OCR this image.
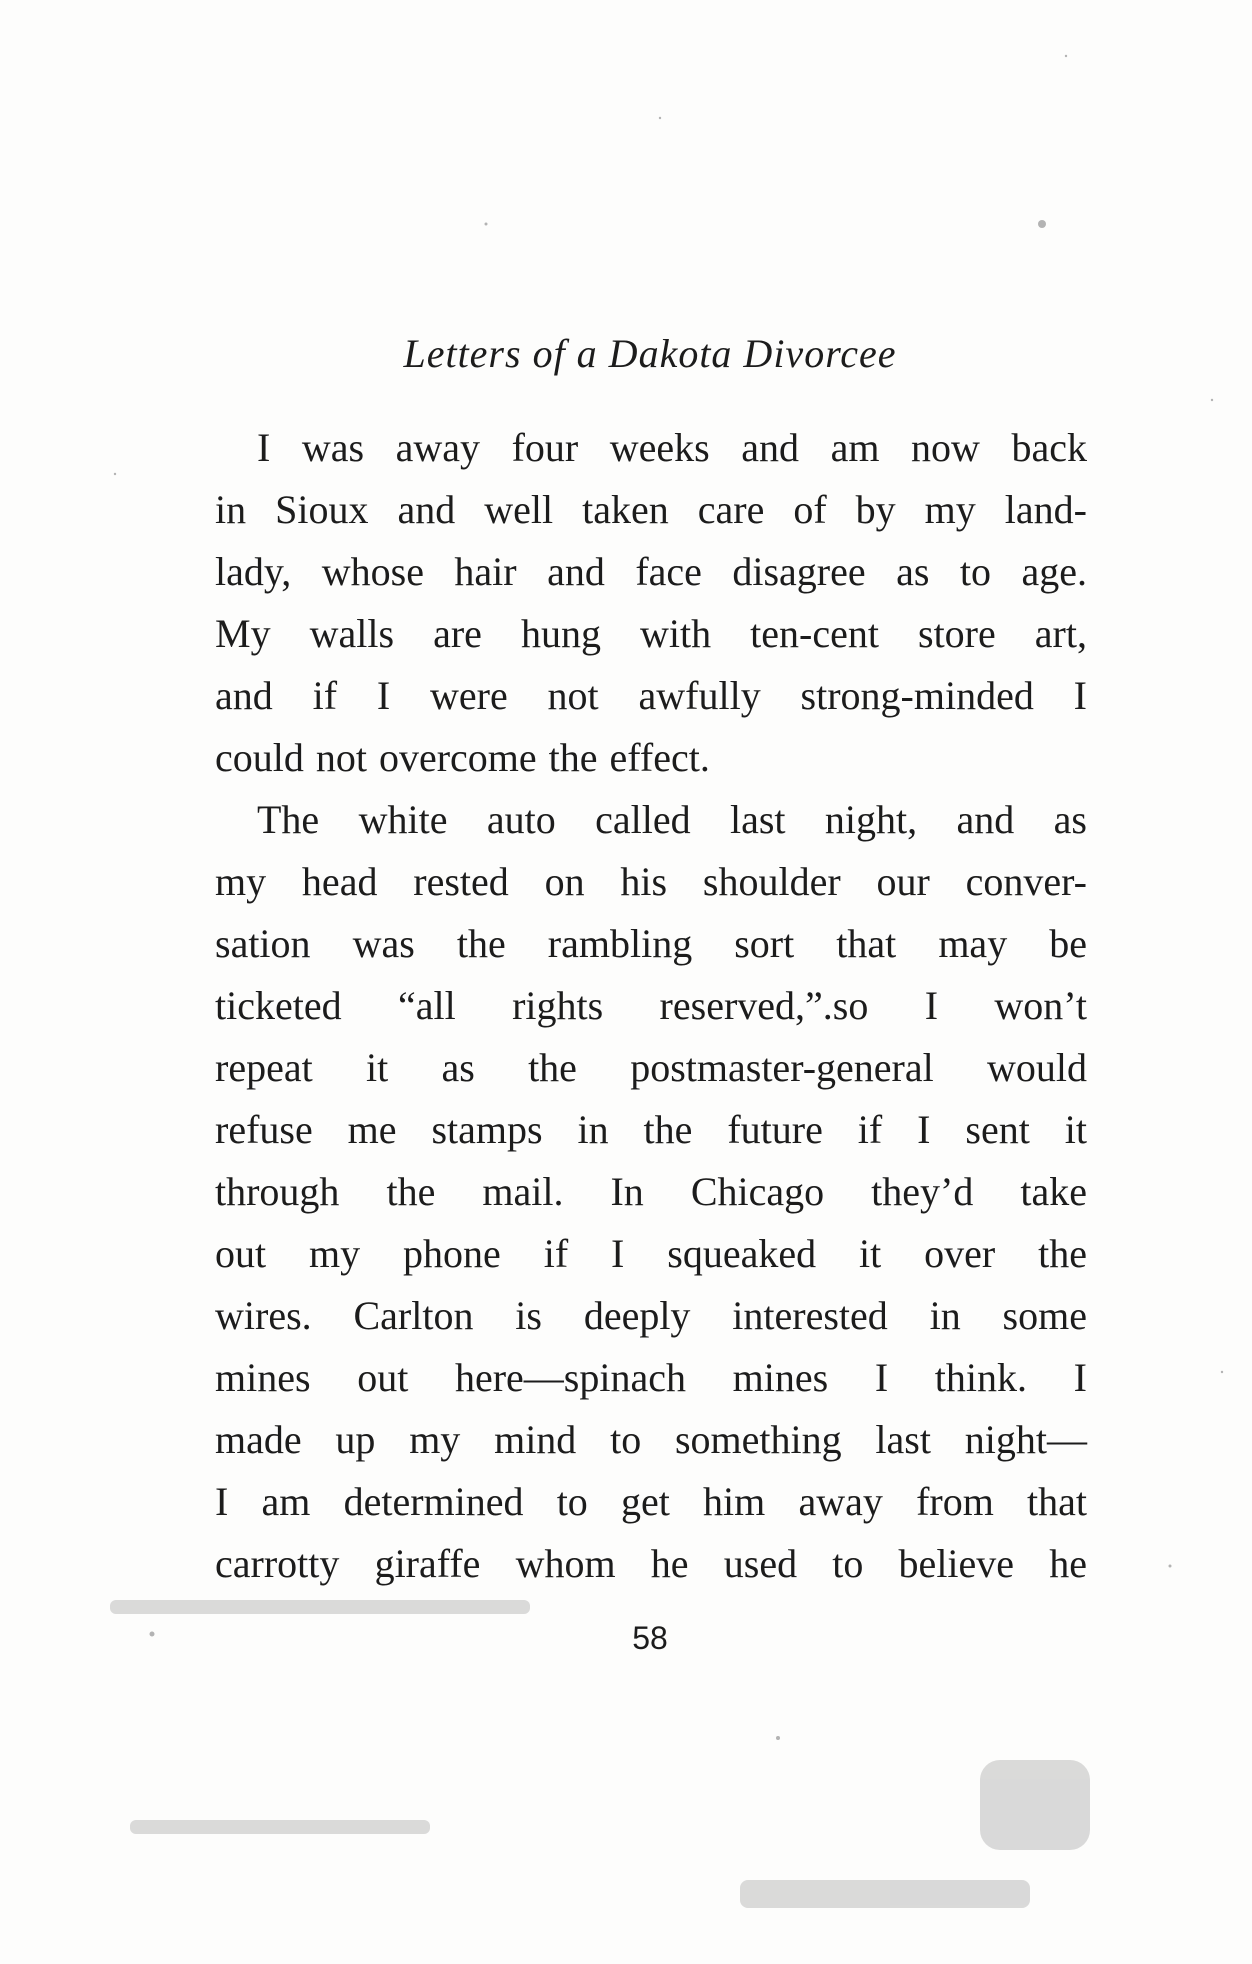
Letters of a Dakota Divorcee
I was away four weeks and am now back
in Sioux and well taken care of by my land-
lady, whose hair and face disagree as to age.
My walls are hung with ten-cent store art,
and if I were not awfully strong-minded I
could not overcome the effect.
The white auto called last night, and as
my head rested on his shoulder our conver-
sation was the rambling sort that may be
ticketed “all rights reserved,”.so I won’t
repeat it as the postmaster-general would
refuse me stamps in the future if I sent it
through the mail. In Chicago they’d take
out my phone if I squeaked it over the
wires. Carlton is deeply interested in some
mines out here—spinach mines I think. I
made up my mind to something last night—
I am determined to get him away from that
carrotty giraffe whom he used to believe he
58
